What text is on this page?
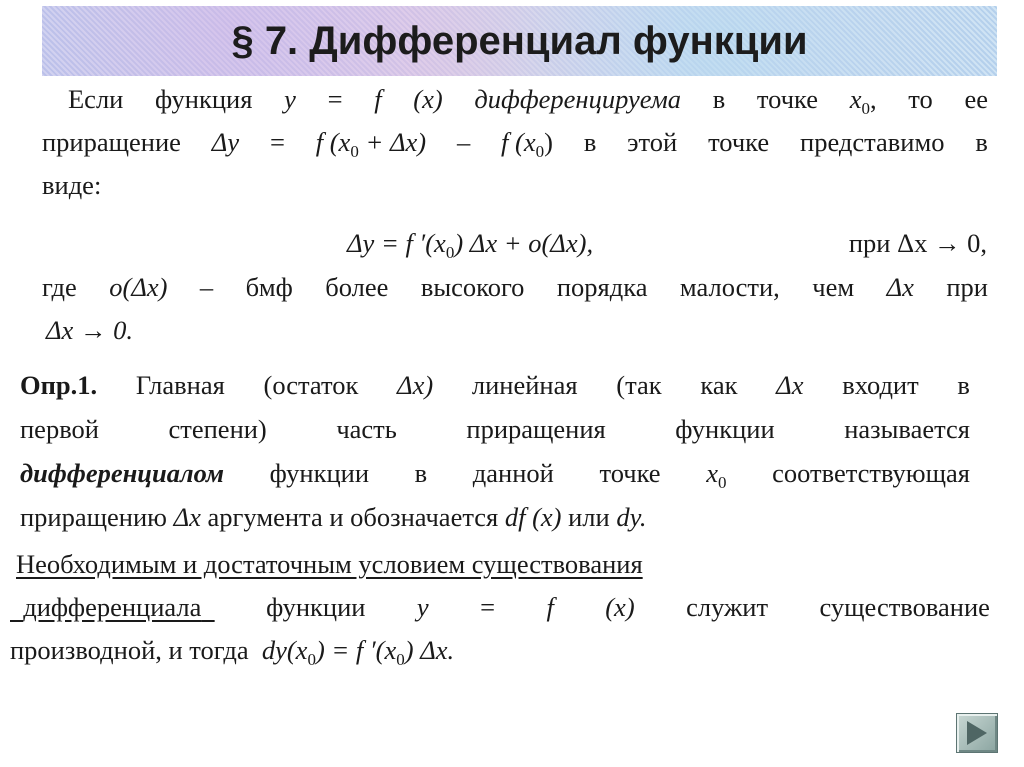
§ 7. Дифференциал функции
Если функция y = f (x) дифференцируема в точке $x_0$, то ее
приращение Δy = f $(x_0 + \Delta x) - f$ $(x_0)$ в этой точке представимо в
виде:
Δy = f $'(x_0) \Delta x + o(\Delta x)$,	при Δx → 0,
где o(Δx) – бмф более высокого порядка малости, чем Δx при
Δx → 0.
Опр.1. Главная (остаток Δx) линейная (так как Δx входит в
первой	степени)	часть	приращения	функции	называется
дифференциалом функции в данной точке $x_0$ соответствующая
приращению Δx аргумента и обозначается df (x) или dy.
Необходимым и достаточным условием существования
дифференциала	функции y = f (x) служит существование
производной, и тогда $dy(x_0) = f$ $'(x_0)$ Δx.
